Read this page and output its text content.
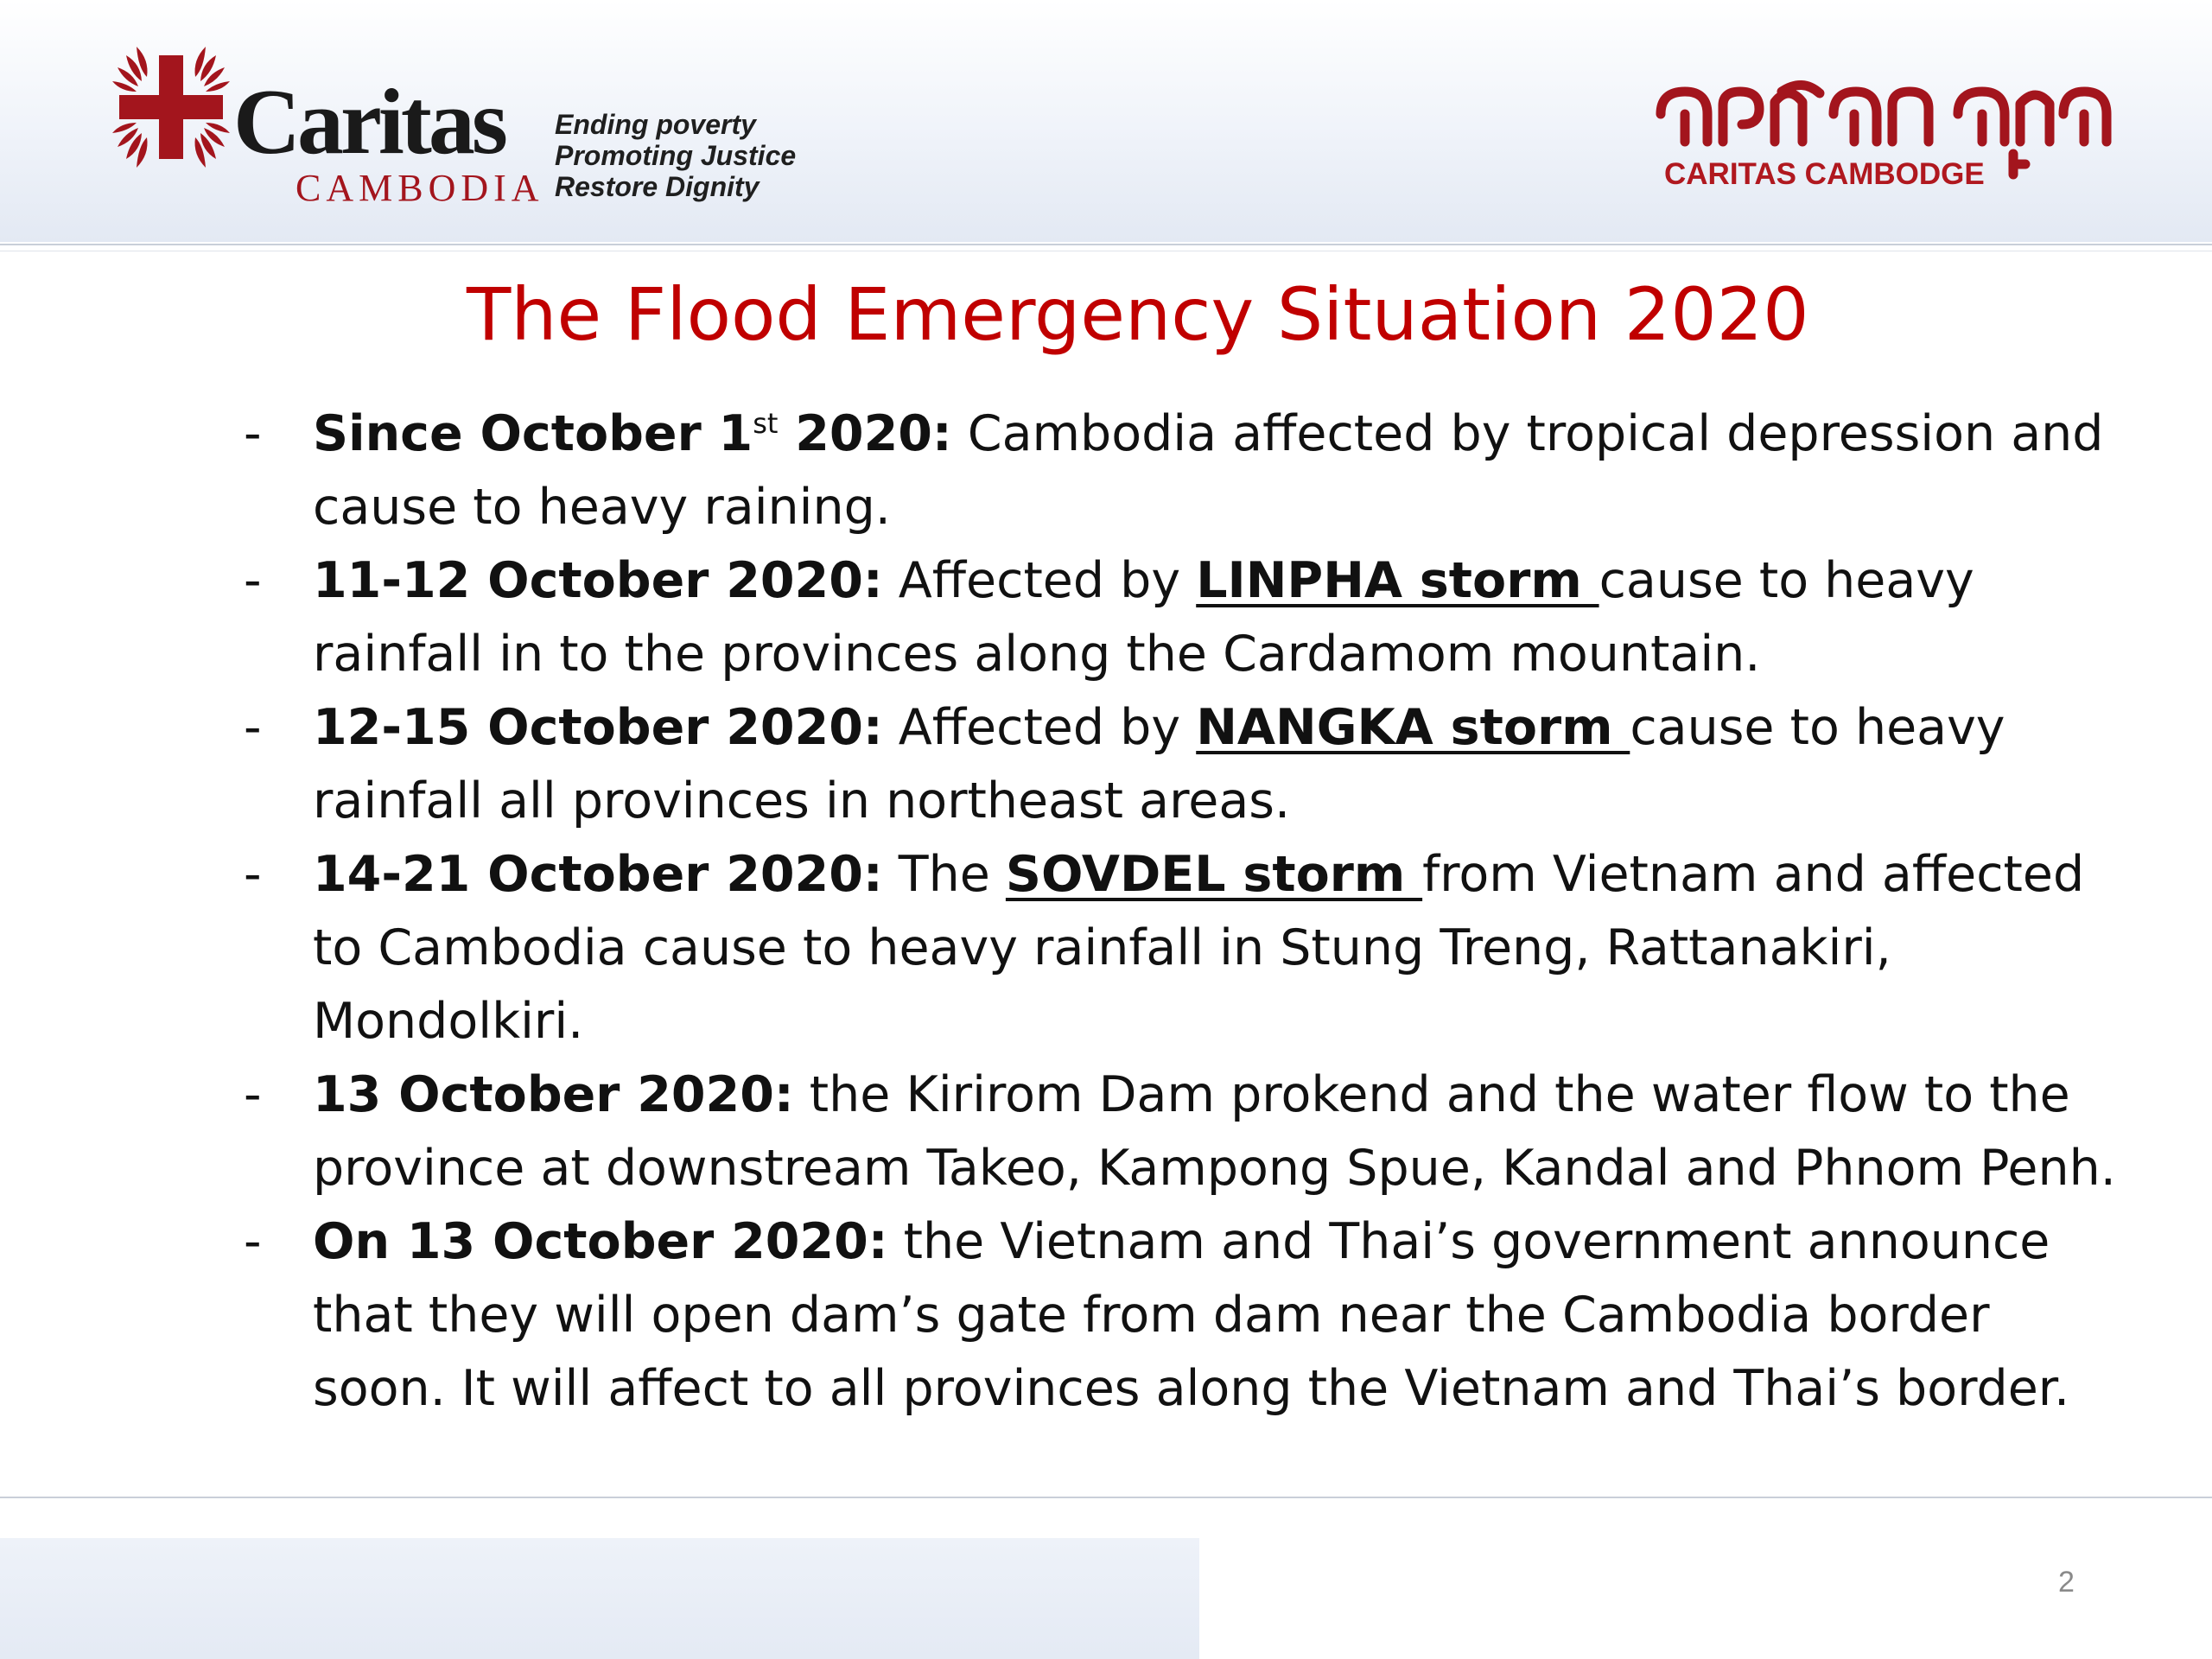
Caritas
CAMBODIA
Ending poverty
Promoting Justice
Restore Dignity	CARITAS CAMBODGE
The Flood Emergency Situation 2020
- Since October 1st 2020: Cambodia affected by tropical depression and cause to heavy raining.
- 11-12 October 2020: Affected by LINPHA storm cause to heavy rainfall in to the provinces along the Cardamom mountain.
- 12-15 October 2020: Affected by NANGKA storm cause to heavy rainfall all provinces in northeast areas.
- 14-21 October 2020: The SOVDEL storm from Vietnam and affected to Cambodia cause to heavy rainfall in Stung Treng, Rattanakiri, Mondolkiri.
- 13 October 2020: the Kirirom Dam prokend and the water flow to the province at downstream Takeo, Kampong Spue, Kandal and Phnom Penh.
- On 13 October 2020: the Vietnam and Thai’s government announce that they will open dam’s gate from dam near the Cambodia border soon. It will affect to all provinces along the Vietnam and Thai’s border.
2
